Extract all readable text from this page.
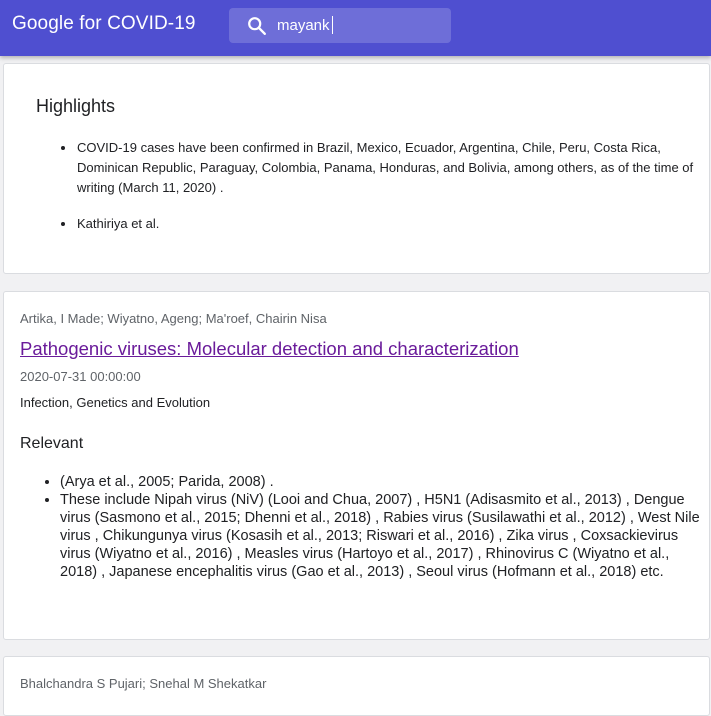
Google for COVID-19
mayank
Highlights
• COVID-19 cases have been confirmed in Brazil, Mexico, Ecuador, Argentina, Chile, Peru, Costa Rica, Dominican Republic, Paraguay, Colombia, Panama, Honduras, and Bolivia, among others, as of the time of writing (March 11, 2020) .
• Kathiriya et al.
Artika, I Made; Wiyatno, Ageng; Ma'roef, Chairin Nisa
Pathogenic viruses: Molecular detection and characterization
2020-07-31 00:00:00
Infection, Genetics and Evolution
Relevant
• (Arya et al., 2005; Parida, 2008) .
• These include Nipah virus (NiV) (Looi and Chua, 2007) , H5N1 (Adisasmito et al., 2013) , Dengue virus (Sasmono et al., 2015; Dhenni et al., 2018) , Rabies virus (Susilawathi et al., 2012) , West Nile virus , Chikungunya virus (Kosasih et al., 2013; Riswari et al., 2016) , Zika virus , Coxsackievirus virus (Wiyatno et al., 2016) , Measles virus (Hartoyo et al., 2017) , Rhinovirus C (Wiyatno et al., 2018) , Japanese encephalitis virus (Gao et al., 2013) , Seoul virus (Hofmann et al., 2018) etc.
Bhalchandra S Pujari; Snehal M Shekatkar
